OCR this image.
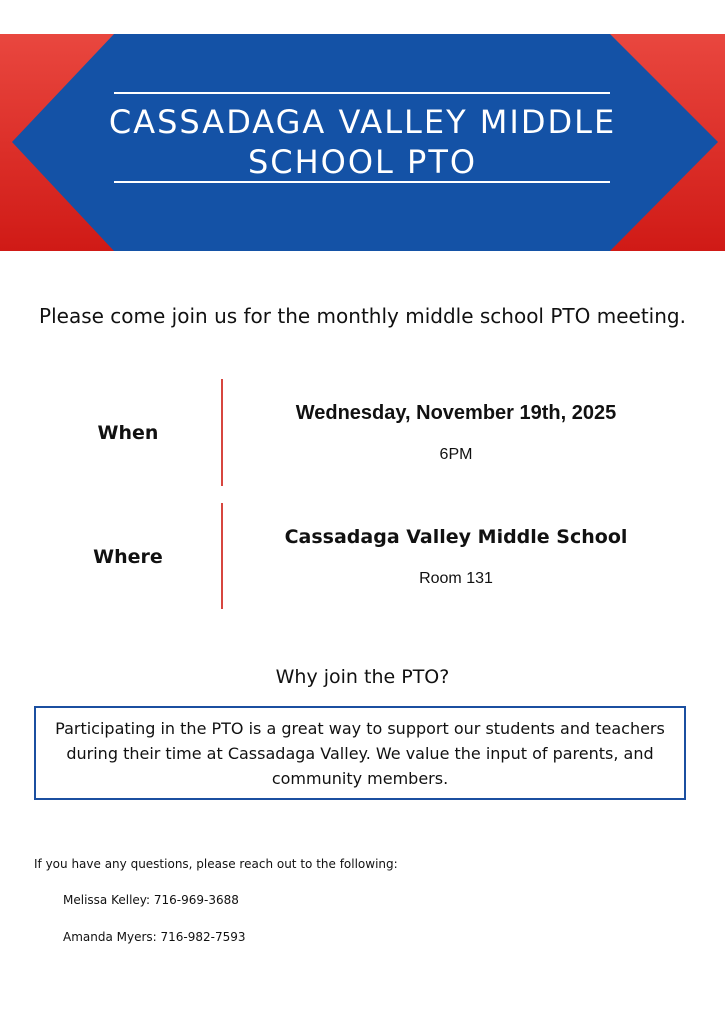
CASSADAGA VALLEY MIDDLE
SCHOOL PTO

Please come join us for the monthly middle school PTO meeting.

When
Wednesday, November 19th, 2025
6PM
Where
Cassadaga Valley Middle School
Room 131
Why join the PTO?

Participating in the PTO is a great way to support our students and teachers during their time at Cassadaga Valley. We value the input of parents, and community members.

If you have any questions, please reach out to the following:

Melissa Kelley: 716-969-3688

Amanda Myers: 716-982-7593
